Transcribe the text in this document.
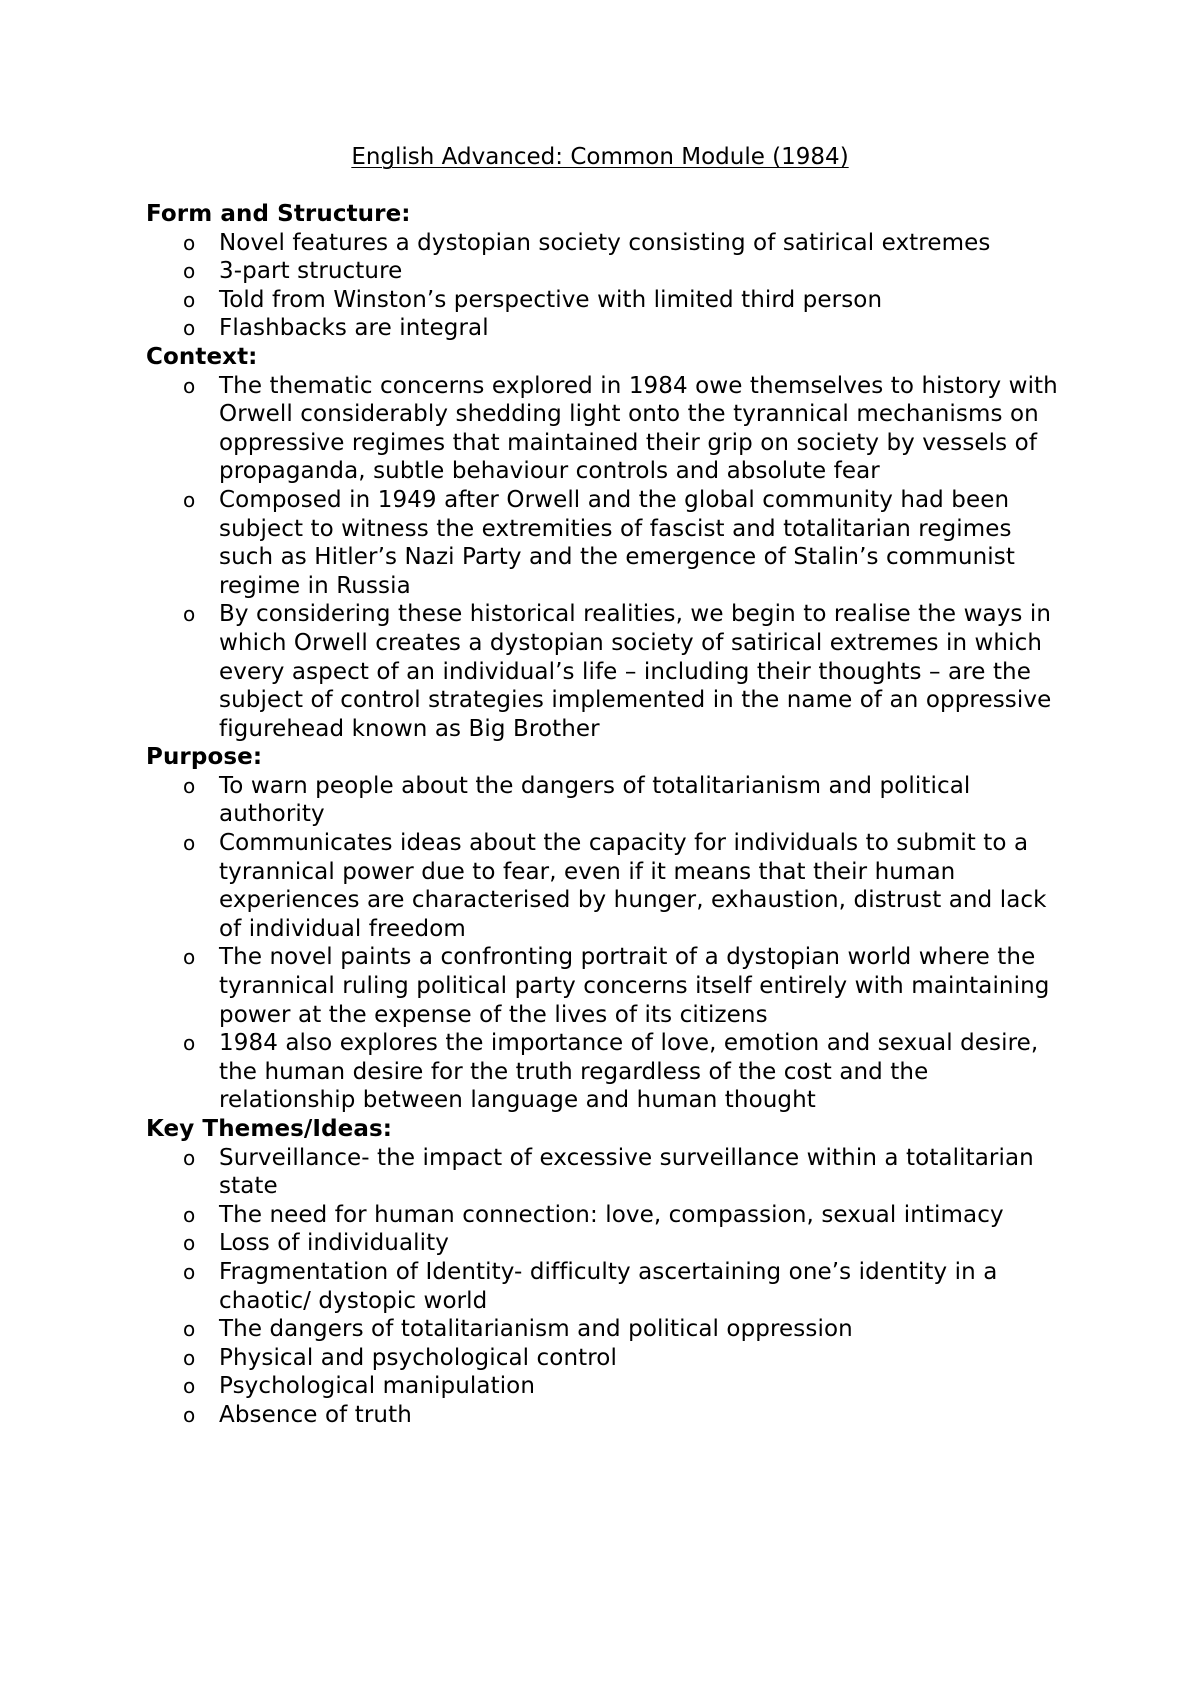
English Advanced: Common Module (1984)

Form and Structure:

o Novel features a dystopian society consisting of satirical extremes
o 3-part structure
o Told from Winston’s perspective with limited third person
o Flashbacks are integral

Context:

o The thematic concerns explored in 1984 owe themselves to history with Orwell considerably shedding light onto the tyrannical mechanisms on oppressive regimes that maintained their grip on society by vessels of propaganda, subtle behaviour controls and absolute fear
o Composed in 1949 after Orwell and the global community had been subject to witness the extremities of fascist and totalitarian regimes such as Hitler’s Nazi Party and the emergence of Stalin’s communist regime in Russia
o By considering these historical realities, we begin to realise the ways in which Orwell creates a dystopian society of satirical extremes in which every aspect of an individual’s life – including their thoughts – are the subject of control strategies implemented in the name of an oppressive figurehead known as Big Brother

Purpose:

o To warn people about the dangers of totalitarianism and political authority
o Communicates ideas about the capacity for individuals to submit to a tyrannical power due to fear, even if it means that their human experiences are characterised by hunger, exhaustion, distrust and lack of individual freedom
o The novel paints a confronting portrait of a dystopian world where the tyrannical ruling political party concerns itself entirely with maintaining power at the expense of the lives of its citizens
o 1984 also explores the importance of love, emotion and sexual desire, the human desire for the truth regardless of the cost and the relationship between language and human thought

Key Themes/Ideas:

o Surveillance- the impact of excessive surveillance within a totalitarian state
o The need for human connection: love, compassion, sexual intimacy
o Loss of individuality
o Fragmentation of Identity- difficulty ascertaining one’s identity in a chaotic/ dystopic world
o The dangers of totalitarianism and political oppression
o Physical and psychological control
o Psychological manipulation
o Absence of truth
